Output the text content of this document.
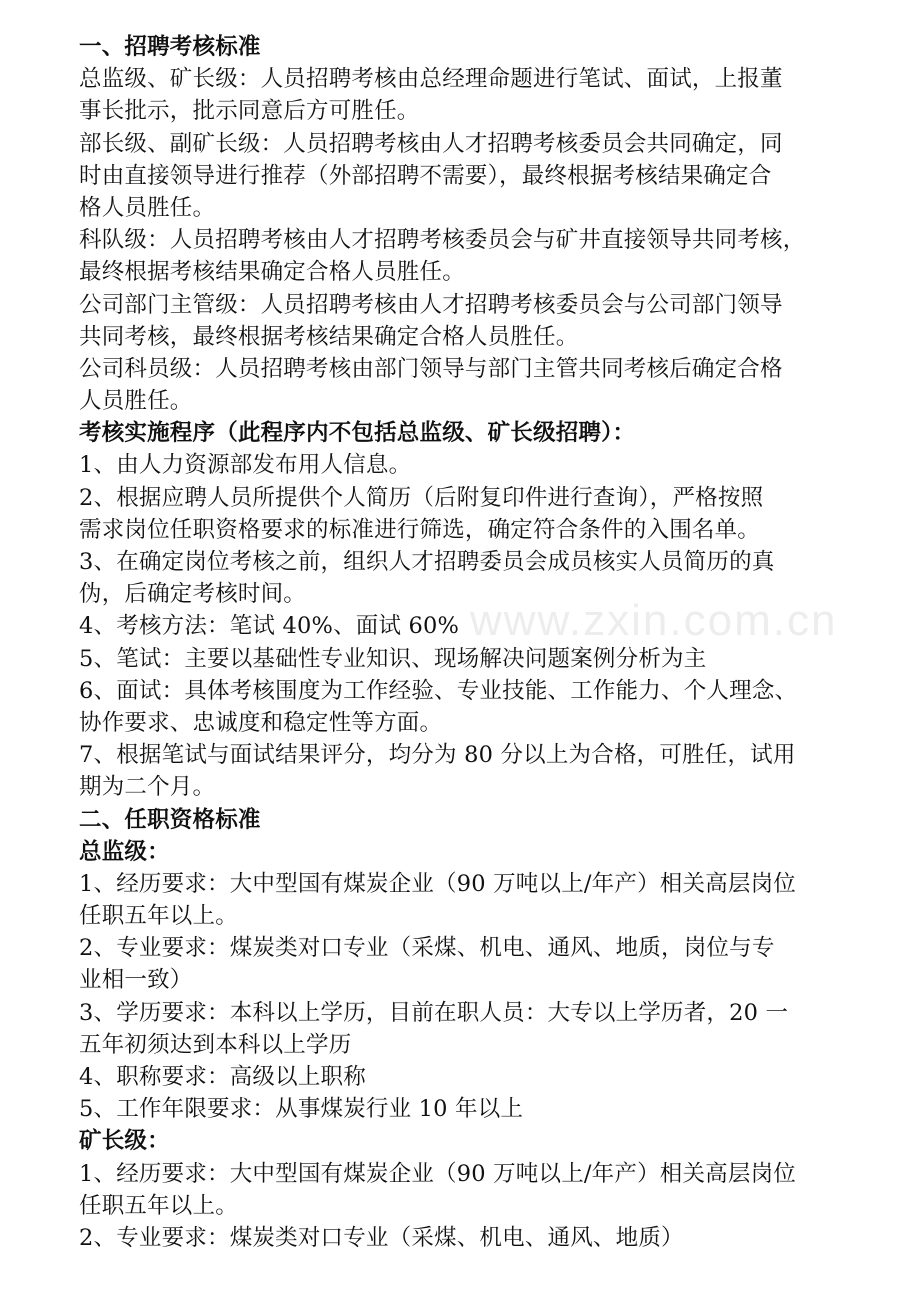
www.zxin.com.cn
一、招聘考核标准
总监级、矿长级：人员招聘考核由总经理命题进行笔试、面试，上报董
事长批示，批示同意后方可胜任。
部长级、副矿长级：人员招聘考核由人才招聘考核委员会共同确定，同
时由直接领导进行推荐（外部招聘不需要），最终根据考核结果确定合
格人员胜任。
科队级：人员招聘考核由人才招聘考核委员会与矿井直接领导共同考核，
最终根据考核结果确定合格人员胜任。
公司部门主管级：人员招聘考核由人才招聘考核委员会与公司部门领导
共同考核，最终根据考核结果确定合格人员胜任。
公司科员级：人员招聘考核由部门领导与部门主管共同考核后确定合格
人员胜任。
考核实施程序（此程序内不包括总监级、矿长级招聘）：
1、由人力资源部发布用人信息。
2、根据应聘人员所提供个人简历（后附复印件进行查询），严格按照
需求岗位任职资格要求的标准进行筛选，确定符合条件的入围名单。
3、在确定岗位考核之前，组织人才招聘委员会成员核实人员简历的真
伪，后确定考核时间。
4、考核方法：笔试 40%、面试 60%
5、笔试：主要以基础性专业知识、现场解决问题案例分析为主
6、面试：具体考核围度为工作经验、专业技能、工作能力、个人理念、
协作要求、忠诚度和稳定性等方面。
7、根据笔试与面试结果评分，均分为 80 分以上为合格，可胜任，试用
期为二个月。
二、任职资格标准
总监级：
1、经历要求：大中型国有煤炭企业（90 万吨以上/年产）相关高层岗位
任职五年以上。
2、专业要求：煤炭类对口专业（采煤、机电、通风、地质，岗位与专
业相一致）
3、学历要求：本科以上学历，目前在职人员：大专以上学历者，20 一
五年初须达到本科以上学历
4、职称要求：高级以上职称
5、工作年限要求：从事煤炭行业 10 年以上
矿长级：
1、经历要求：大中型国有煤炭企业（90 万吨以上/年产）相关高层岗位
任职五年以上。
2、专业要求：煤炭类对口专业（采煤、机电、通风、地质）
